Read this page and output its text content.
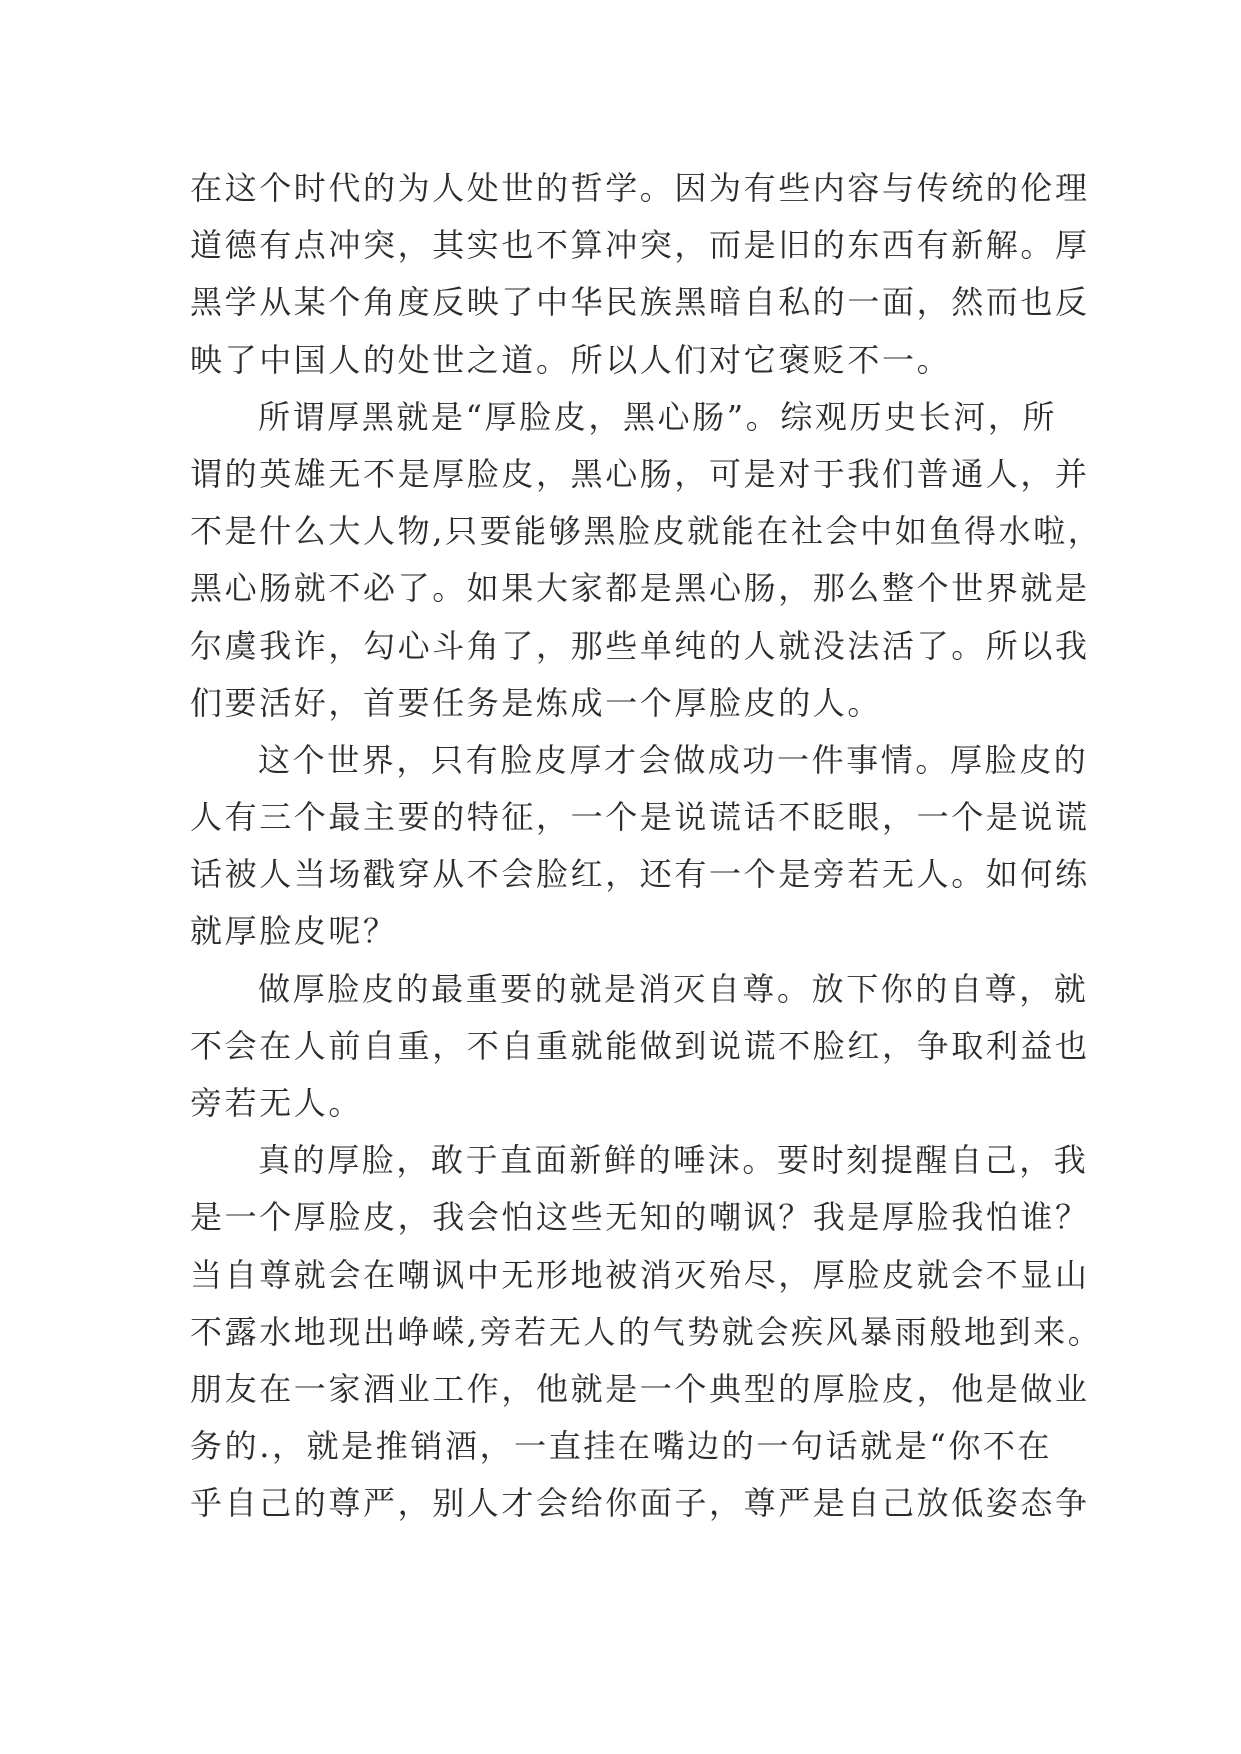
在这个时代的为人处世的哲学。因为有些内容与传统的伦理
道德有点冲突，其实也不算冲突，而是旧的东西有新解。厚
黑学从某个角度反映了中华民族黑暗自私的一面，然而也反
映了中国人的处世之道。所以人们对它褒贬不一。
所谓厚黑就是“厚脸皮，黑心肠”。综观历史长河，所
谓的英雄无不是厚脸皮，黑心肠，可是对于我们普通人，并
不是什么大人物,只要能够黑脸皮就能在社会中如鱼得水啦，
黑心肠就不必了。如果大家都是黑心肠，那么整个世界就是
尔虞我诈，勾心斗角了，那些单纯的人就没法活了。所以我
们要活好，首要任务是炼成一个厚脸皮的人。
这个世界，只有脸皮厚才会做成功一件事情。厚脸皮的
人有三个最主要的特征，一个是说谎话不眨眼，一个是说谎
话被人当场戳穿从不会脸红，还有一个是旁若无人。如何练
就厚脸皮呢？
做厚脸皮的最重要的就是消灭自尊。放下你的自尊，就
不会在人前自重，不自重就能做到说谎不脸红，争取利益也
旁若无人。
真的厚脸，敢于直面新鲜的唾沫。要时刻提醒自己，我
是一个厚脸皮，我会怕这些无知的嘲讽？我是厚脸我怕谁？
当自尊就会在嘲讽中无形地被消灭殆尽，厚脸皮就会不显山
不露水地现出峥嵘,旁若无人的气势就会疾风暴雨般地到来。
朋友在一家酒业工作，他就是一个典型的厚脸皮，他是做业
务的.，就是推销酒，一直挂在嘴边的一句话就是“你不在
乎自己的尊严，别人才会给你面子，尊严是自己放低姿态争
